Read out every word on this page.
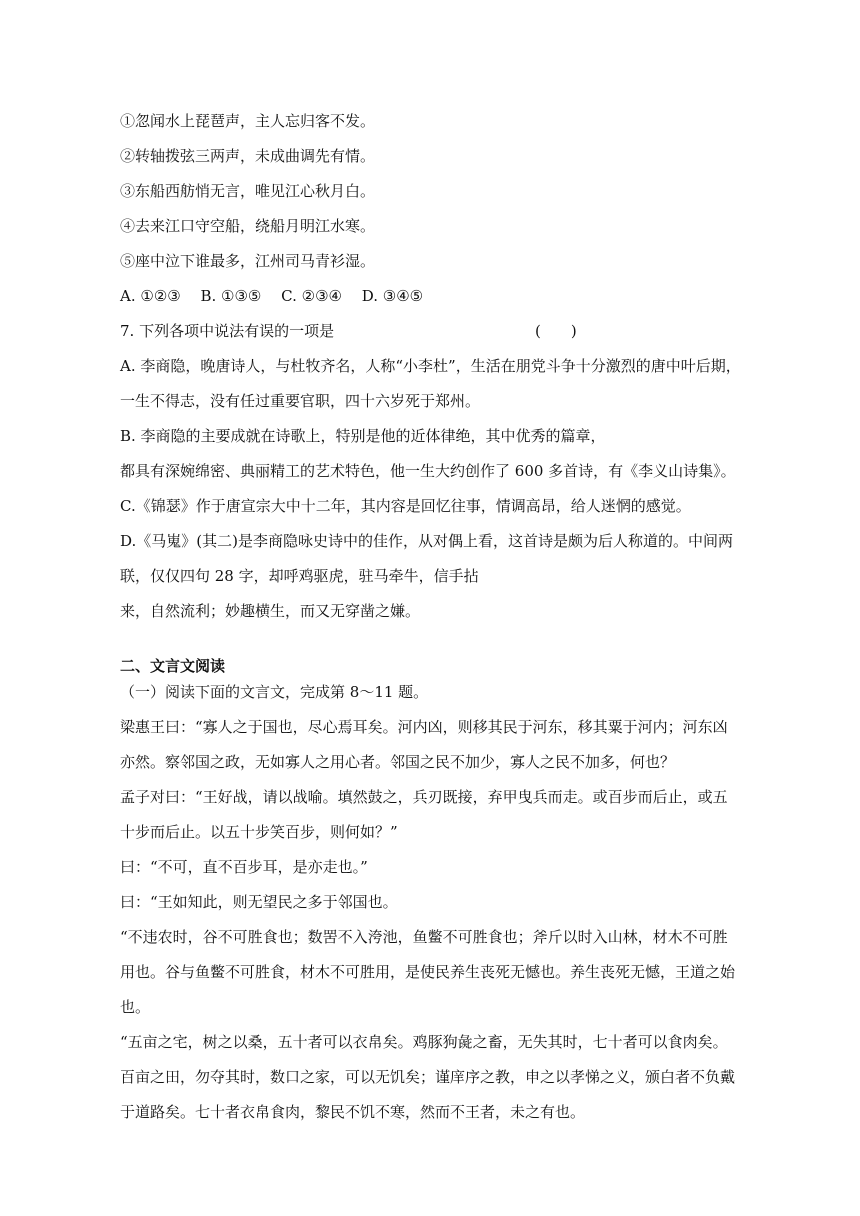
①忽闻水上琵琶声，主人忘归客不发。
②转轴拨弦三两声，未成曲调先有情。
③东船西舫悄无言，唯见江心秋月白。
④去来江口守空船，绕船月明江水寒。
⑤座中泣下谁最多，江州司马青衫湿。
A. ①②③　 B. ①③⑤　 C. ②③④　 D. ③④⑤
7. 下列各项中说法有误的一项是	(　　)
A. 李商隐，晚唐诗人，与杜牧齐名，人称“小李杜”，生活在朋党斗争十分激烈的唐中叶后期，
一生不得志，没有任过重要官职，四十六岁死于郑州。
B. 李商隐的主要成就在诗歌上，特别是他的近体律绝，其中优秀的篇章，
都具有深婉绵密、典丽精工的艺术特色，他一生大约创作了 600 多首诗，有《李义山诗集》。
C.《锦瑟》作于唐宣宗大中十二年，其内容是回忆往事，情调高昂，给人迷惘的感觉。
D.《马嵬》(其二)是李商隐咏史诗中的佳作，从对偶上看，这首诗是颇为后人称道的。中间两
联，仅仅四句 28 字，却呼鸡驱虎，驻马牵牛，信手拈
来，自然流利；妙趣横生，而又无穿凿之嫌。
二、文言文阅读
（一）阅读下面的文言文，完成第 8～11 题。
梁惠王曰：“寡人之于国也，尽心焉耳矣。河内凶，则移其民于河东，移其粟于河内；河东凶
亦然。察邻国之政，无如寡人之用心者。邻国之民不加少，寡人之民不加多，何也？
孟子对曰：“王好战，请以战喻。填然鼓之，兵刃既接，弃甲曳兵而走。或百步而后止，或五
十步而后止。以五十步笑百步，则何如？”
曰：“不可，直不百步耳，是亦走也。”
曰：“王如知此，则无望民之多于邻国也。
“不违农时，谷不可胜食也；数罟不入洿池，鱼鳖不可胜食也；斧斤以时入山林，材木不可胜
用也。谷与鱼鳖不可胜食，材木不可胜用，是使民养生丧死无憾也。养生丧死无憾，王道之始
也。
“五亩之宅，树之以桑，五十者可以衣帛矣。鸡豚狗彘之畜，无失其时，七十者可以食肉矣。
百亩之田，勿夺其时，数口之家，可以无饥矣；谨庠序之教，申之以孝悌之义，颁白者不负戴
于道路矣。七十者衣帛食肉，黎民不饥不寒，然而不王者，未之有也。
